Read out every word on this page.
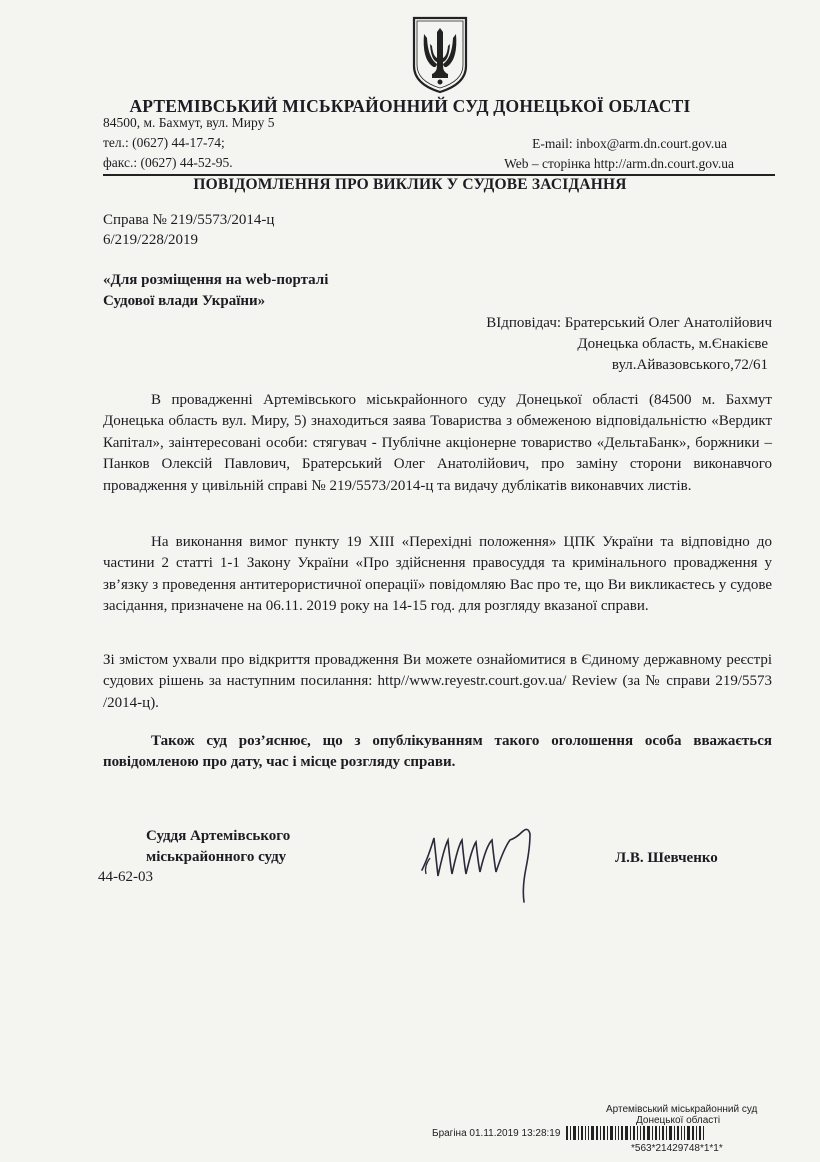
АРТЕМІВСЬКИЙ МІСЬКРАЙОННИЙ СУД ДОНЕЦЬКОЇ ОБЛАСТІ
84500, м. Бахмут, вул. Миру 5
тел.: (0627) 44-17-74;
факс.: (0627) 44-52-95.
E-mail: inbox@arm.dn.court.gov.ua
Web – сторінка http://arm.dn.court.gov.ua
ПОВІДОМЛЕННЯ ПРО ВИКЛИК У СУДОВЕ ЗАСІДАННЯ
Справа № 219/5573/2014-ц
6/219/228/2019
«Для розміщення на web-порталі
Судової влади України»
ВІдповідач: Братерський Олег Анатолійович
Донецька область, м.Єнакієве
вул.Айвазовського,72/61
В провадженні Артемівського міськрайонного суду Донецької області (84500 м. Бахмут Донецька область вул. Миру, 5) знаходиться заява Товариства з обмеженою відповідальністю «Вердикт Капітал», заінтересовані особи: стягувач - Публічне акціонерне товариство «ДельтаБанк», боржники – Панков Олексій Павлович, Братерський Олег Анатолійович, про заміну сторони виконавчого провадження у цивільній справі № 219/5573/2014-ц та видачу дублікатів виконавчих листів.
На виконання вимог пункту 19 ХІІІ «Перехідні положення» ЦПК України та відповідно до частини 2 статті 1-1 Закону України «Про здійснення правосуддя та кримінального провадження у зв’язку з проведення антитерористичної операції» повідомляю Вас про те, що Ви викликаєтесь у судове засідання, призначене на 06.11. 2019 року на 14-15 год. для розгляду вказаної справи.
Зі змістом ухвали про відкриття провадження Ви можете ознайомитися в Єдиному державному реєстрі судових рішень за наступним посилання: http//www.reyestr.court.gov.ua/ Review (за № справи 219/5573 /2014-ц).
Також суд роз’яснює, що з опублікуванням такого оголошення особа вважається повідомленою про дату, час і місце розгляду справи.
Суддя Артемівського
міськрайонного суду
44-62-03
Л.В. Шевченко
Артемівський міськрайонний суд
Донецької області
Брагіна 01.11.2019 13:28:19
*563*21429748*1*1*
